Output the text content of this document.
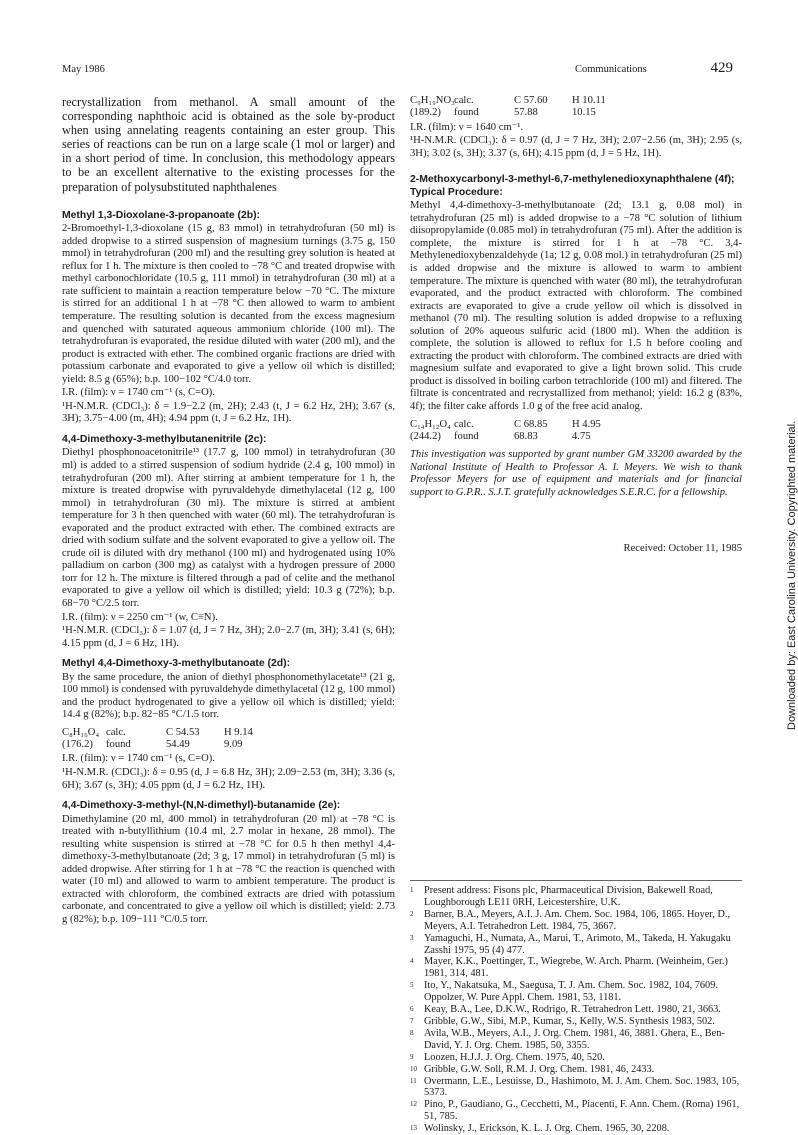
May 1986	Communications	429

recrystallization from methanol. A small amount of the corresponding naphthoic acid is obtained as the sole by-product when using annelating reagents containing an ester group. This series of reactions can be run on a large scale (1 mol or larger) and in a short period of time. In conclusion, this methodology appears to be an excellent alternative to the existing processes for the preparation of polysubstituted naphthalenes

Methyl 1,3-Dioxolane-3-propanoate (2b):

2-Bromoethyl-1,3-dioxolane (15 g, 83 mmol) in tetrahydrofuran (50 ml) is added dropwise to a stirred suspension of magnesium turnings (3.75 g, 150 mmol) in tetrahydrofuran (200 ml) and the resulting grey solution is heated at reflux for 1 h. The mixture is then cooled to −78 °C and treated dropwise with methyl carbonochloridate (10.5 g, 111 mmol) in tetrahydrofuran (30 ml) at a rate sufficient to maintain a reaction temperature below −70 °C. The mixture is stirred for an additional 1 h at −78 °C then allowed to warm to ambient temperature. The resulting solution is decanted from the excess magnesium and quenched with saturated aqueous ammonium chloride (100 ml). The tetrahydrofuran is evaporated, the residue diluted with water (200 ml), and the product is extracted with ether. The combined organic fractions are dried with potassium carbonate and evaporated to give a yellow oil which is distilled; yield: 8.5 g (65%); b.p. 100−102 °C/4.0 torr.

I.R. (film): ν = 1740 cm⁻¹ (s, C=O).

¹H-N.M.R. (CDCl₃): δ = 1.9−2.2 (m, 2H); 2.43 (t, J = 6.2 Hz, 2H); 3.67 (s, 3H); 3.75−4.00 (m, 4H); 4.94 ppm (t, J = 6.2 Hz, 1H).

4,4-Dimethoxy-3-methylbutanenitrile (2c):

Diethyl phosphonoacetonitrile¹³ (17.7 g, 100 mmol) in tetrahydrofuran (30 ml) is added to a stirred suspension of sodium hydride (2.4 g, 100 mmol) in tetrahydrofuran (200 ml). After stirring at ambient temperature for 1 h, the mixture is treated dropwise with pyruvaldehyde dimethylacetal (12 g, 100 mmol) in tetrahydrofuran (30 ml). The mixture is stirred at ambient temperature for 3 h then quenched with water (60 ml). The tetrahydrofuran is evaporated and the product extracted with ether. The combined extracts are dried with sodium sulfate and the solvent evaporated to give a yellow oil. The crude oil is diluted with dry methanol (100 ml) and hydrogenated using 10% palladium on carbon (300 mg) as catalyst with a hydrogen pressure of 2000 torr for 12 h. The mixture is filtered through a pad of celite and the methanol evaporated to give a yellow oil which is distilled; yield: 10.3 g (72%); b.p. 68−70 °C/2.5 torr.

I.R. (film): ν = 2250 cm⁻¹ (w, C≡N).

¹H-N.M.R. (CDCl₃): δ = 1.07 (d, J = 7 Hz, 3H); 2.0−2.7 (m, 3H); 3.41 (s, 6H); 4.15 ppm (d, J = 6 Hz, 1H).

Methyl 4,4-Dimethoxy-3-methylbutanoate (2d):

By the same procedure, the anion of diethyl phosphonomethylacetate¹³ (21 g, 100 mmol) is condensed with pyruvaldehyde dimethylacetal (12 g, 100 mmol) and the product hydrogenated to give a yellow oil which is distilled; yield: 14.4 g (82%); b.p. 82−85 °C/1.5 torr.

C₈H₁₆O₄ calc.	C 54.53	H 9.14
(176.2)	found	54.49	9.09

I.R. (film): ν = 1740 cm⁻¹ (s, C=O).

¹H-N.M.R. (CDCl₃): δ = 0.95 (d, J = 6.8 Hz, 3H); 2.09−2.53 (m, 3H); 3.36 (s, 6H); 3.67 (s, 3H); 4.05 ppm (d, J = 6.2 Hz, 1H).

4,4-Dimethoxy-3-methyl-(N,N-dimethyl)-butanamide (2e):

Dimethylamine (20 ml, 400 mmol) in tetrahydrofuran (20 ml) at −78 °C is treated with n-butyllithium (10.4 ml, 2.7 molar in hexane, 28 mmol). The resulting white suspension is stirred at −78 °C for 0.5 h then methyl 4,4-dimethoxy-3-methylbutanoate (2d; 3 g, 17 mmol) in tetrahydrofuran (5 ml) is added dropwise. After stirring for 1 h at −78 °C the reaction is quenched with water (10 ml) and allowed to warm to ambient temperature. The product is extracted with chloroform, the combined extracts are dried with potassium carbonate, and concentrated to give a yellow oil which is distilled; yield: 2.73 g (82%); b.p. 109−111 °C/0.5 torr.

C₉H₁₉NO₃ calc.	C 57.60	H 10.11
(189.2)	found	57.88	10.15

I.R. (film): ν = 1640 cm⁻¹.

¹H-N.M.R. (CDCl₃): δ = 0.97 (d, J = 7 Hz, 3H); 2.07−2.56 (m, 3H); 2.95 (s, 3H); 3.02 (s, 3H); 3.37 (s, 6H); 4.15 ppm (d, J = 5 Hz, 1H).

2-Methoxycarbonyl-3-methyl-6,7-methylenedioxynaphthalene (4f); Typical Procedure:

Methyl 4,4-dimethoxy-3-methylbutanoate (2d; 13.1 g, 0.08 mol) in tetrahydrofuran (25 ml) is added dropwise to a −78 °C solution of lithium diisopropylamide (0.085 mol) in tetrahydrofuran (75 ml). After the addition is complete, the mixture is stirred for 1 h at −78 °C. 3,4-Methylenedioxybenzaldehyde (1a; 12 g, 0.08 mol.) in tetrahydrofuran (25 ml) is added dropwise and the mixture is allowed to warm to ambient temperature. The mixture is quenched with water (80 ml), the tetrahydrofuran evaporated, and the product extracted with chloroform. The combined extracts are evaporated to give a crude yellow oil which is dissolved in methanol (70 ml). The resulting solution is added dropwise to a refluxing solution of 20% aqueous sulfuric acid (1800 ml). When the addition is complete, the solution is allowed to reflux for 1.5 h before cooling and extracting the product with chloroform. The combined extracts are dried with magnesium sulfate and evaporated to give a light brown solid. This crude product is dissolved in boiling carbon tetrachloride (100 ml) and filtered. The filtrate is concentrated and recrystallized from methanol; yield: 16.2 g (83%, 4f); the filter cake affords 1.0 g of the free acid analog.

C₁₄H₁₂O₄ calc.	C 68.85	H 4.95
(244.2)	found	68.83	4.75

This investigation was supported by grant number GM 33200 awarded by the National Institute of Health to Professor A. I. Meyers. We wish to thank Professor Meyers for use of equipment and materials and for financial support to G.P.R.. S.J.T. gratefully acknowledges S.E.R.C. for a fellowship.

Received: October 11, 1985

1	Present address: Fisons plc, Pharmaceutical Division, Bakewell Road, Loughborough LE11 0RH, Leicestershire, U.K.
2	Barner, B.A., Meyers, A.I. J. Am. Chem. Soc. 1984, 106, 1865. Hoyer, D., Meyers, A.I. Tetrahedron Lett. 1984, 75, 3667.
3	Yamaguchi, H., Numata, A., Marui, T., Arimoto, M., Takeda, H. Yakugaku Zasshi 1975, 95 (4) 477.
4	Mayer, K.K., Poettinger, T., Wiegrebe, W. Arch. Pharm. (Weinheim, Ger.) 1981, 314, 481.
5	Ito, Y., Nakatsuka, M., Saegusa, T. J. Am. Chem. Soc. 1982, 104, 7609. Oppolzer, W. Pure Appl. Chem. 1981, 53, 1181.
6	Keay, B.A., Lee, D.K.W., Rodrigo, R. Tetrahedron Lett. 1980, 21, 3663.
7	Gribble, G.W., Sibi, M.P., Kumar, S., Kelly, W.S. Synthesis 1983, 502.
8	Avila, W.B., Meyers, A.I., J. Org. Chem. 1981, 46, 3881. Ghera, E., Ben-David, Y. J. Org. Chem. 1985, 50, 3355.
9	Loozen, H.J.J. J. Org. Chem. 1975, 40, 520.
10 Gribble, G.W. Soll, R.M. J. Org. Chem. 1981, 46, 2433.
11 Overmann, L.E., Lesuisse, D., Hashimoto, M. J. Am. Chem. Soc. 1983, 105, 5373.
12 Pino, P., Gaudiano, G., Cecchetti, M., Piacenti, F. Ann. Chem. (Roma) 1961, 51, 785.
13 Wolinsky, J., Erickson, K. L. J. Org. Chem. 1965, 30, 2208.
Downloaded by: East Carolina University. Copyrighted material.
